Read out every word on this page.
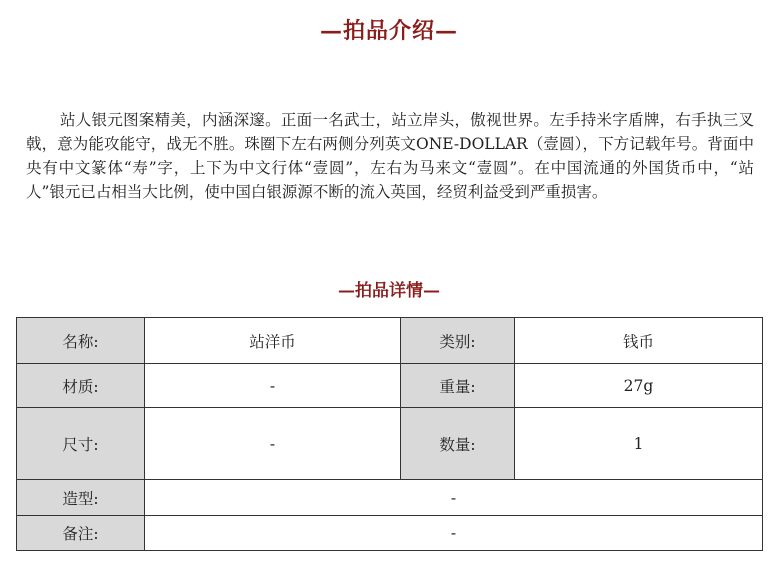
—拍品介绍—
站人银元图案精美，内涵深邃。正面一名武士，站立岸头，傲视世界。左手持米字盾牌，右手执三叉戟，意为能攻能守，战无不胜。珠圈下左右两侧分列英文ONE-DOLLAR（壹圆），下方记载年号。背面中央有中文篆体“寿”字，上下为中文行体“壹圆”，左右为马来文“壹圆”。在中国流通的外国货币中，“站人”银元已占相当大比例，使中国白银源源不断的流入英国，经贸利益受到严重损害。
—拍品详情—
名称:	站洋币	类别:	钱币
材质:	-	重量:	27g
尺寸:	-	数量:	1
造型:	-		
备注:	-		
